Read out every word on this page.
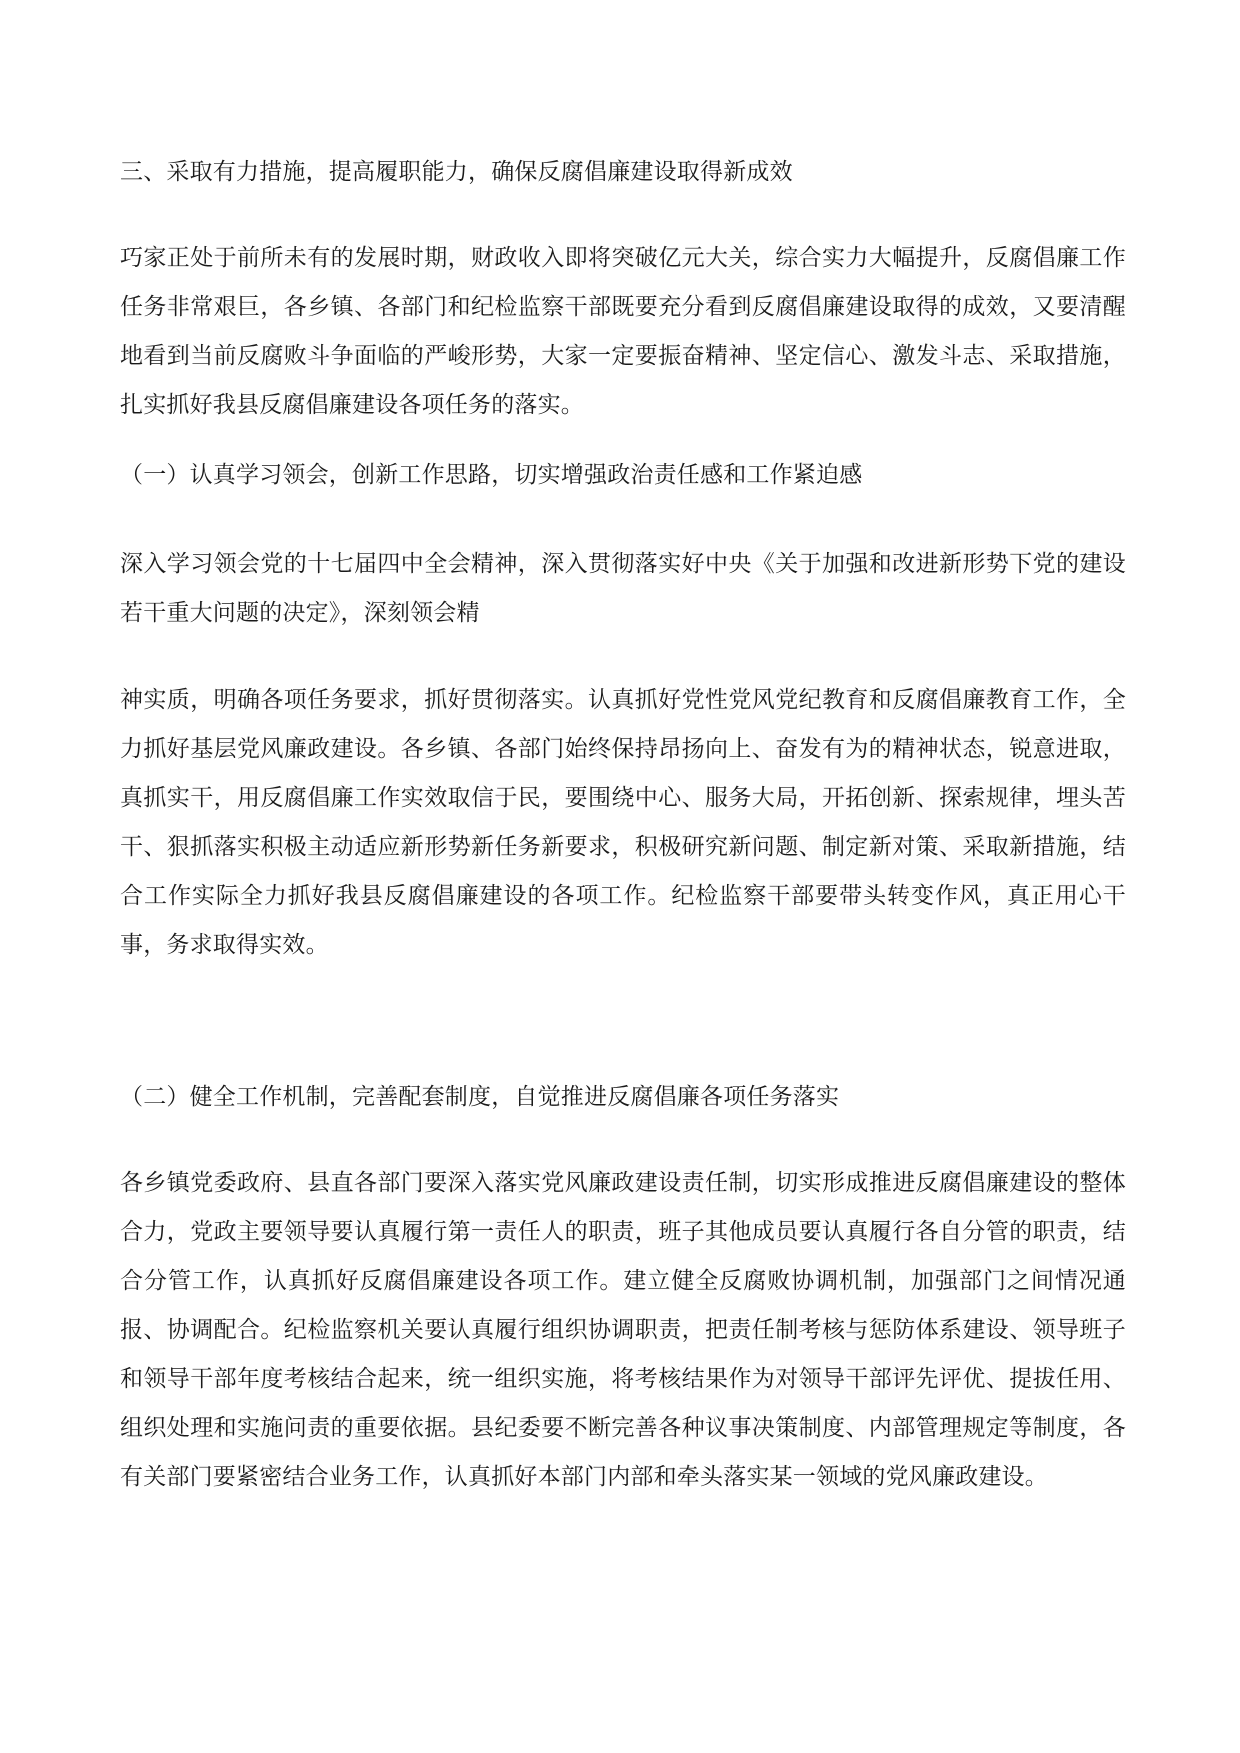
三、采取有力措施，提高履职能力，确保反腐倡廉建设取得新成效

巧家正处于前所未有的发展时期，财政收入即将突破亿元大关，综合实力大幅提升，反腐倡廉工作任务非常艰巨，各乡镇、各部门和纪检监察干部既要充分看到反腐倡廉建设取得的成效，又要清醒地看到当前反腐败斗争面临的严峻形势，大家一定要振奋精神、坚定信心、激发斗志、采取措施，扎实抓好我县反腐倡廉建设各项任务的落实。

（一）认真学习领会，创新工作思路，切实增强政治责任感和工作紧迫感

深入学习领会党的十七届四中全会精神，深入贯彻落实好中央《关于加强和改进新形势下党的建设若干重大问题的决定》，深刻领会精

神实质，明确各项任务要求，抓好贯彻落实。认真抓好党性党风党纪教育和反腐倡廉教育工作，全力抓好基层党风廉政建设。各乡镇、各部门始终保持昂扬向上、奋发有为的精神状态，锐意进取，真抓实干，用反腐倡廉工作实效取信于民，要围绕中心、服务大局，开拓创新、探索规律，埋头苦干、狠抓落实积极主动适应新形势新任务新要求，积极研究新问题、制定新对策、采取新措施，结合工作实际全力抓好我县反腐倡廉建设的各项工作。纪检监察干部要带头转变作风，真正用心干事，务求取得实效。

（二）健全工作机制，完善配套制度，自觉推进反腐倡廉各项任务落实

各乡镇党委政府、县直各部门要深入落实党风廉政建设责任制，切实形成推进反腐倡廉建设的整体合力，党政主要领导要认真履行第一责任人的职责，班子其他成员要认真履行各自分管的职责，结合分管工作，认真抓好反腐倡廉建设各项工作。建立健全反腐败协调机制，加强部门之间情况通报、协调配合。纪检监察机关要认真履行组织协调职责，把责任制考核与惩防体系建设、领导班子和领导干部年度考核结合起来，统一组织实施，将考核结果作为对领导干部评先评优、提拔任用、组织处理和实施问责的重要依据。县纪委要不断完善各种议事决策制度、内部管理规定等制度，各有关部门要紧密结合业务工作，认真抓好本部门内部和牵头落实某一领域的党风廉政建设。
